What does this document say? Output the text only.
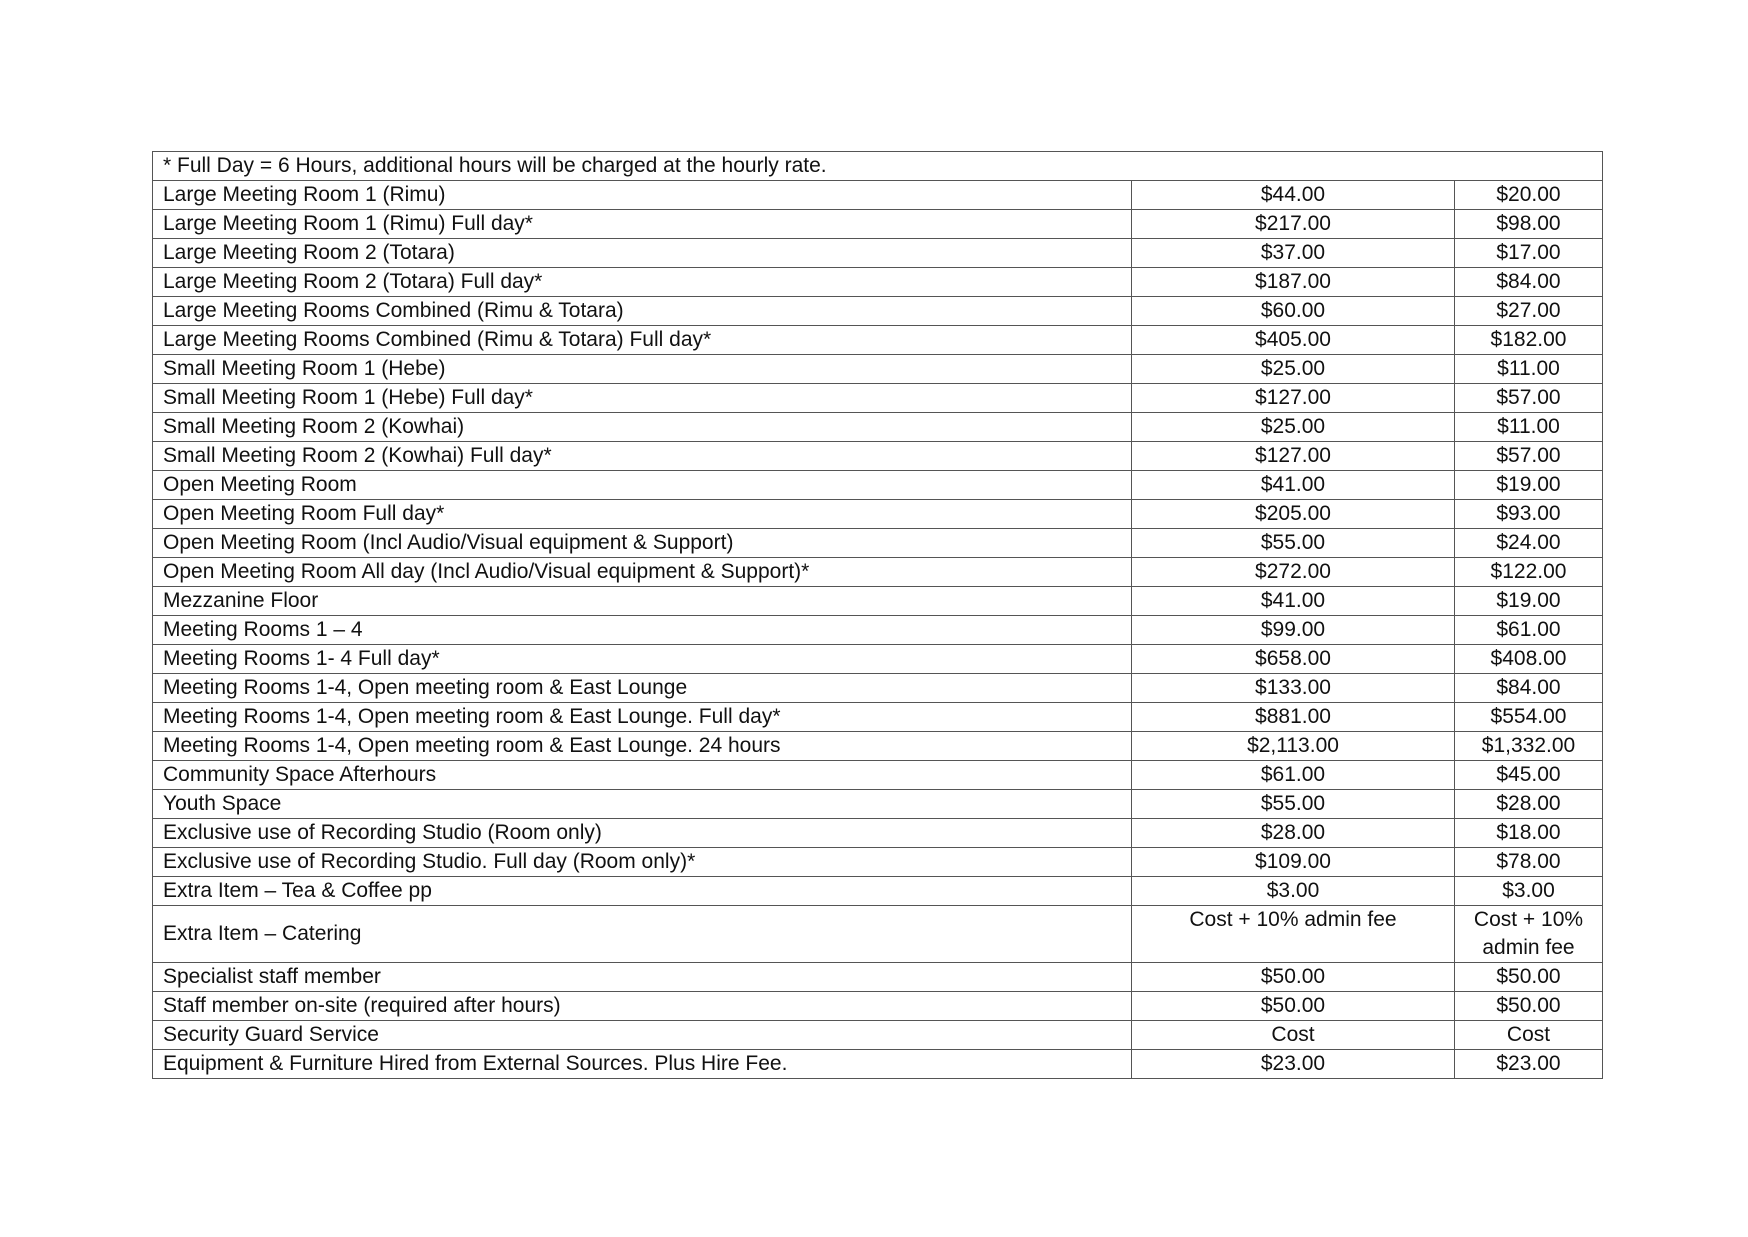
* Full Day = 6 Hours, additional hours will be charged at the hourly rate.		
Large Meeting Room 1 (Rimu)	$44.00	$20.00
Large Meeting Room 1 (Rimu) Full day*	$217.00	$98.00
Large Meeting Room 2 (Totara)	$37.00	$17.00
Large Meeting Room 2 (Totara) Full day*	$187.00	$84.00
Large Meeting Rooms Combined (Rimu & Totara)	$60.00	$27.00
Large Meeting Rooms Combined (Rimu & Totara) Full day*	$405.00	$182.00
Small Meeting Room 1 (Hebe)	$25.00	$11.00
Small Meeting Room 1 (Hebe) Full day*	$127.00	$57.00
Small Meeting Room 2 (Kowhai)	$25.00	$11.00
Small Meeting Room 2 (Kowhai) Full day*	$127.00	$57.00
Open Meeting Room	$41.00	$19.00
Open Meeting Room Full day*	$205.00	$93.00
Open Meeting Room (Incl Audio/Visual equipment & Support)	$55.00	$24.00
Open Meeting Room All day (Incl Audio/Visual equipment & Support)*	$272.00	$122.00
Mezzanine Floor	$41.00	$19.00
Meeting Rooms 1 – 4	$99.00	$61.00
Meeting Rooms 1- 4 Full day*	$658.00	$408.00
Meeting Rooms 1-4, Open meeting room & East Lounge	$133.00	$84.00
Meeting Rooms 1-4, Open meeting room & East Lounge. Full day*	$881.00	$554.00
Meeting Rooms 1-4, Open meeting room & East Lounge. 24 hours	$2,113.00	$1,332.00
Community Space Afterhours	$61.00	$45.00
Youth Space	$55.00	$28.00
Exclusive use of Recording Studio (Room only)	$28.00	$18.00
Exclusive use of Recording Studio. Full day (Room only)*	$109.00	$78.00
Extra Item – Tea & Coffee pp	$3.00	$3.00
Extra Item – Catering	Cost + 10% admin fee	Cost + 10% admin fee
Specialist staff member	$50.00	$50.00
Staff member on-site (required after hours)	$50.00	$50.00
Security Guard Service	Cost	Cost
Equipment & Furniture Hired from External Sources. Plus Hire Fee.	$23.00	$23.00
